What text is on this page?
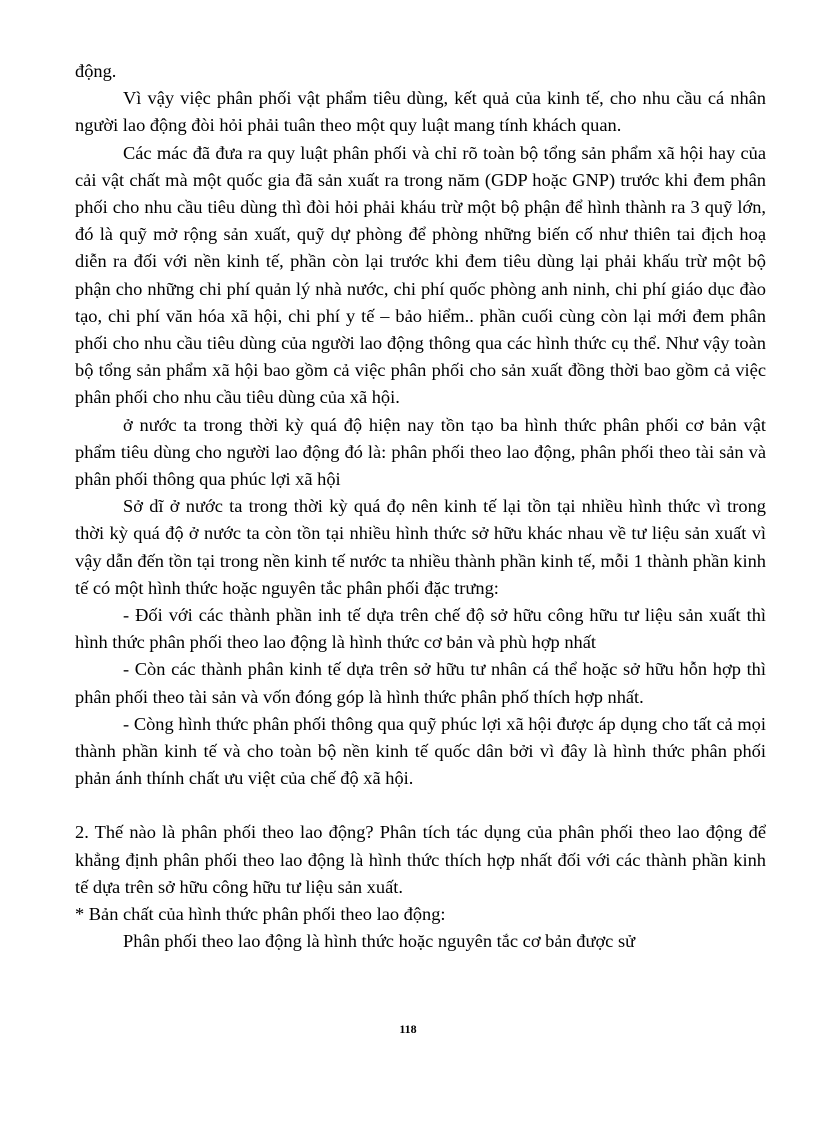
động.

Vì vậy việc phân phối vật phẩm tiêu dùng, kết quả của kinh tế, cho nhu cầu cá nhân người lao động đòi hỏi phải tuân theo một quy luật mang tính khách quan.

Các mác đã đưa ra quy luật phân phối và chỉ rõ toàn bộ tổng sản phẩm xã hội hay của cải vật chất mà một quốc gia đã sản xuất ra trong năm (GDP hoặc GNP) trước khi đem phân phối cho nhu cầu tiêu dùng thì đòi hỏi phải kháu trừ một bộ phận để hình thành ra 3 quỹ lớn, đó là quỹ mở rộng sản xuất, quỹ dự phòng để phòng những biến cố như thiên tai địch hoạ diễn ra đối với nền kinh tế, phần còn lại trước khi đem tiêu dùng lại phải khấu trừ một bộ phận cho những chi phí quản lý nhà nước, chi phí quốc phòng anh ninh, chi phí giáo dục đào tạo, chi phí văn hóa xã hội, chi phí y tế – bảo hiểm.. phần cuối cùng còn lại mới đem phân phối cho nhu cầu tiêu dùng của người lao động thông qua các hình thức cụ thể. Như vậy toàn bộ tổng sản phẩm xã hội bao gồm cả việc phân phối cho sản xuất đồng thời bao gồm cả việc phân phối cho nhu cầu tiêu dùng của xã hội.

ở nước ta trong thời kỳ quá độ hiện nay tồn tạo ba hình thức phân phối cơ bản vật phẩm tiêu dùng cho người lao động đó là: phân phối theo lao động, phân phối theo tài sản và phân phối thông qua phúc lợi xã hội

Sở dĩ ở nước ta trong thời kỳ quá đọ nên kinh tế lại tồn tại nhiều hình thức vì trong thời kỳ quá độ ở nước ta còn tồn tại nhiều hình thức sở hữu khác nhau về tư liệu sản xuất vì vậy dẫn đến tồn tại trong nền kinh tế nước ta nhiều thành phần kinh tế, mỗi 1 thành phần kinh tế có một hình thức hoặc nguyên tắc phân phối đặc trưng:

- Đối với các thành phần inh tế dựa trên chế độ sở hữu công hữu tư liệu sản xuất thì hình thức phân phối theo lao động là hình thức cơ bản và phù hợp nhất

- Còn các thành phân kinh tế dựa trên sở hữu tư nhân cá thể hoặc sở hữu hỗn hợp thì phân phối theo tài sản và vốn đóng góp là hình thức phân phố thích hợp nhất.

- Còng hình thức phân phối thông qua quỹ phúc lợi xã hội được áp dụng cho tất cả mọi thành phần kinh tế và cho toàn bộ nền kinh tế quốc dân bởi vì đây là hình thức phân phối phản ánh thính chất ưu việt của chế độ xã hội.

2. Thế nào là phân phối theo lao động? Phân tích tác dụng của phân phối theo lao động để khẳng định phân phối theo lao động là hình thức thích hợp nhất đối với các thành phần kinh tế dựa trên sở hữu công hữu tư liệu sản xuất.

* Bản chất của hình thức phân phối theo lao động:

Phân phối theo lao động là hình thức hoặc nguyên tắc cơ bản được sử

118
